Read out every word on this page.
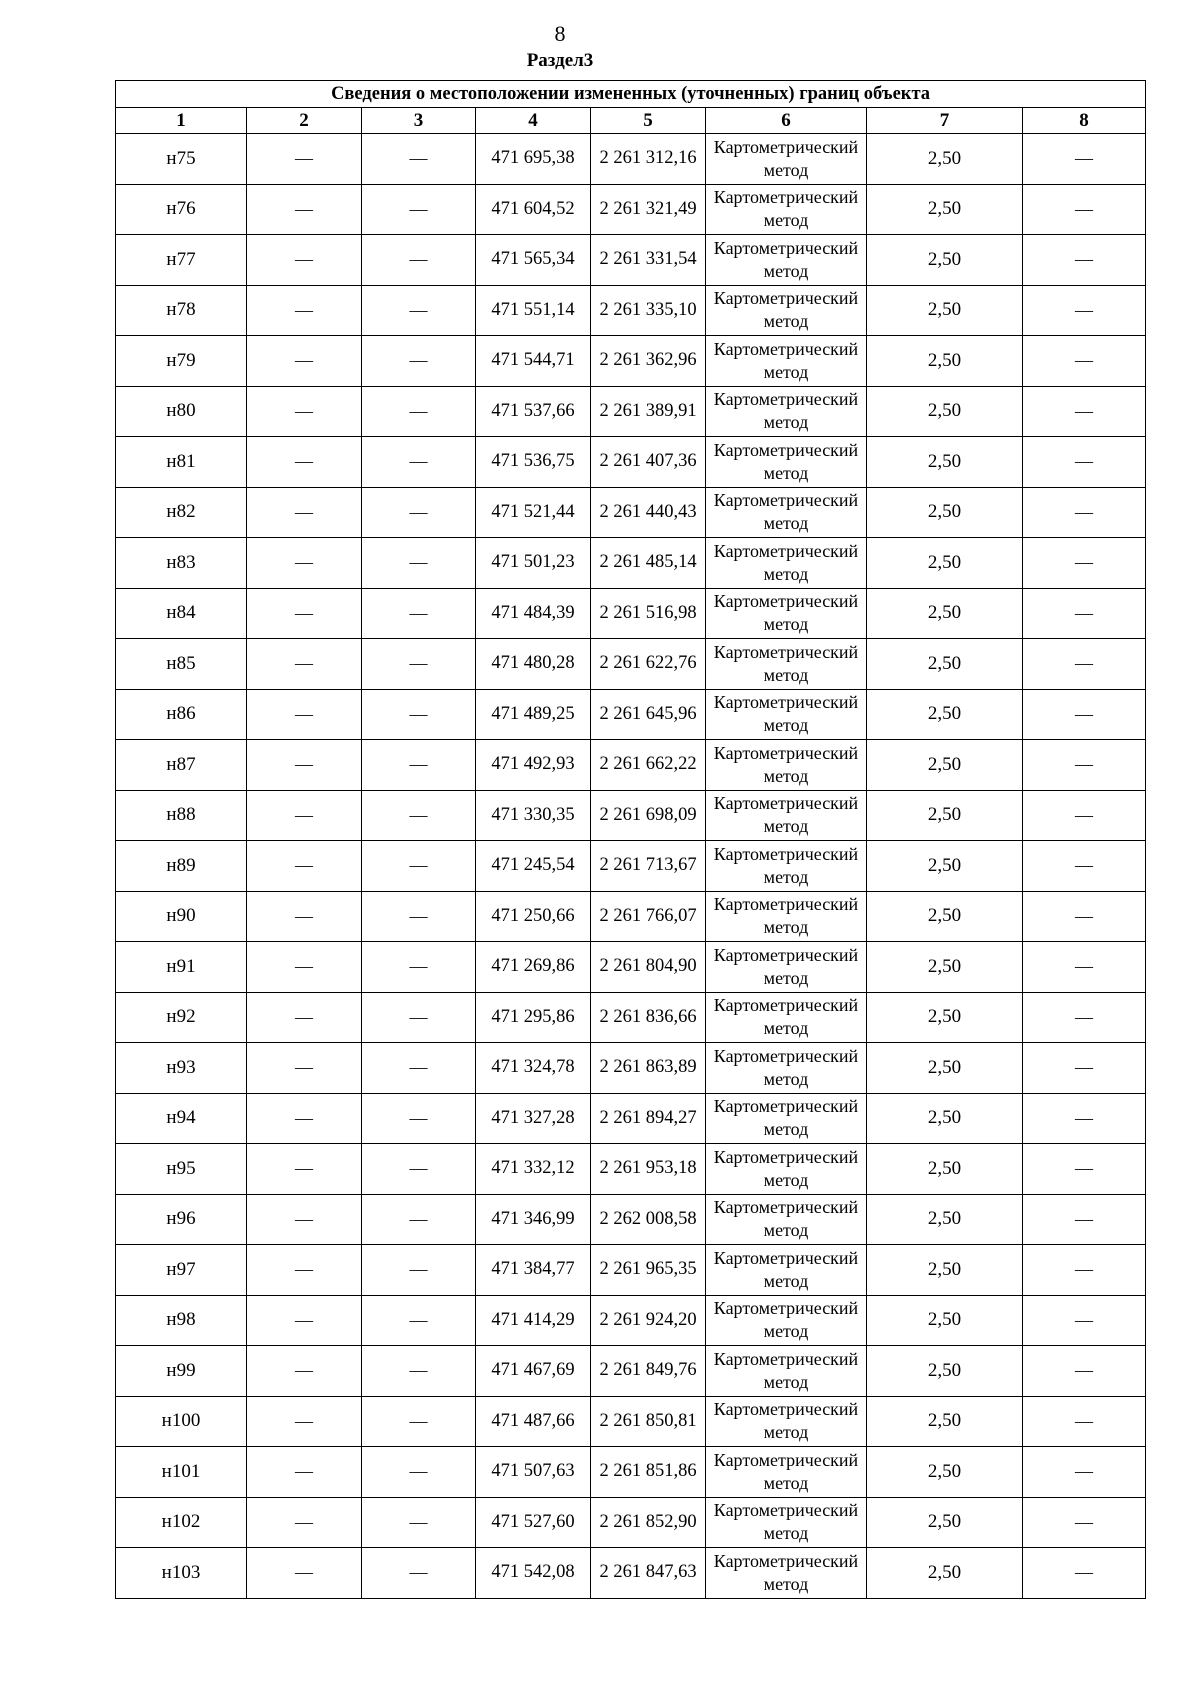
8
Раздел3
Сведения о местоположении измененных (уточненных) границ объекта							
1	2	3	4	5	6	7	8
н75	—	—	471 695,38	2 261 312,16	Картометрический метод	2,50	—
н76	—	—	471 604,52	2 261 321,49	Картометрический метод	2,50	—
н77	—	—	471 565,34	2 261 331,54	Картометрический метод	2,50	—
н78	—	—	471 551,14	2 261 335,10	Картометрический метод	2,50	—
н79	—	—	471 544,71	2 261 362,96	Картометрический метод	2,50	—
н80	—	—	471 537,66	2 261 389,91	Картометрический метод	2,50	—
н81	—	—	471 536,75	2 261 407,36	Картометрический метод	2,50	—
н82	—	—	471 521,44	2 261 440,43	Картометрический метод	2,50	—
н83	—	—	471 501,23	2 261 485,14	Картометрический метод	2,50	—
н84	—	—	471 484,39	2 261 516,98	Картометрический метод	2,50	—
н85	—	—	471 480,28	2 261 622,76	Картометрический метод	2,50	—
н86	—	—	471 489,25	2 261 645,96	Картометрический метод	2,50	—
н87	—	—	471 492,93	2 261 662,22	Картометрический метод	2,50	—
н88	—	—	471 330,35	2 261 698,09	Картометрический метод	2,50	—
н89	—	—	471 245,54	2 261 713,67	Картометрический метод	2,50	—
н90	—	—	471 250,66	2 261 766,07	Картометрический метод	2,50	—
н91	—	—	471 269,86	2 261 804,90	Картометрический метод	2,50	—
н92	—	—	471 295,86	2 261 836,66	Картометрический метод	2,50	—
н93	—	—	471 324,78	2 261 863,89	Картометрический метод	2,50	—
н94	—	—	471 327,28	2 261 894,27	Картометрический метод	2,50	—
н95	—	—	471 332,12	2 261 953,18	Картометрический метод	2,50	—
н96	—	—	471 346,99	2 262 008,58	Картометрический метод	2,50	—
н97	—	—	471 384,77	2 261 965,35	Картометрический метод	2,50	—
н98	—	—	471 414,29	2 261 924,20	Картометрический метод	2,50	—
н99	—	—	471 467,69	2 261 849,76	Картометрический метод	2,50	—
н100	—	—	471 487,66	2 261 850,81	Картометрический метод	2,50	—
н101	—	—	471 507,63	2 261 851,86	Картометрический метод	2,50	—
н102	—	—	471 527,60	2 261 852,90	Картометрический метод	2,50	—
н103	—	—	471 542,08	2 261 847,63	Картометрический метод	2,50	—
